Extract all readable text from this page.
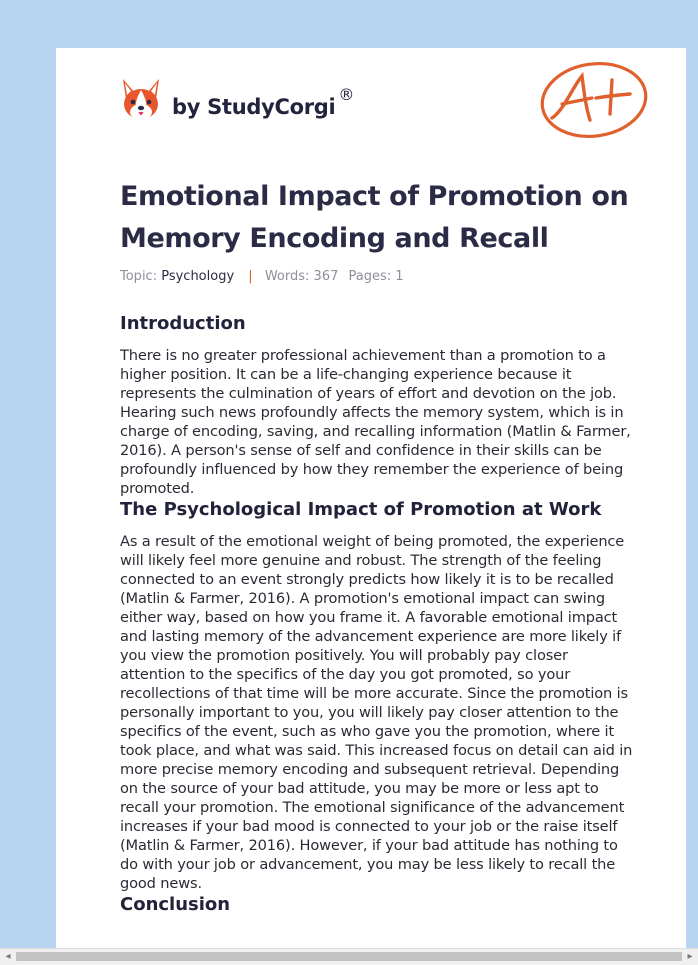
by StudyCorgi®
A+
Emotional Impact of Promotion on Memory Encoding and Recall
Topic: Psychology | Words: 367 Pages: 1
Introduction

There is no greater professional achievement than a promotion to a higher position. It can be a life-changing experience because it represents the culmination of years of effort and devotion on the job. Hearing such news profoundly affects the memory system, which is in charge of encoding, saving, and recalling information (Matlin & Farmer, 2016). A person's sense of self and confidence in their skills can be profoundly influenced by how they remember the experience of being promoted.

The Psychological Impact of Promotion at Work

As a result of the emotional weight of being promoted, the experience will likely feel more genuine and robust. The strength of the feeling connected to an event strongly predicts how likely it is to be recalled (Matlin & Farmer, 2016). A promotion's emotional impact can swing either way, based on how you frame it. A favorable emotional impact and lasting memory of the advancement experience are more likely if you view the promotion positively. You will probably pay closer attention to the specifics of the day you got promoted, so your recollections of that time will be more accurate. Since the promotion is personally important to you, you will likely pay closer attention to the specifics of the event, such as who gave you the promotion, where it took place, and what was said. This increased focus on detail can aid in more precise memory encoding and subsequent retrieval. Depending on the source of your bad attitude, you may be more or less apt to recall your promotion. The emotional significance of the advancement increases if your bad mood is connected to your job or the raise itself (Matlin & Farmer, 2016). However, if your bad attitude has nothing to do with your job or advancement, you may be less likely to recall the good news.

Conclusion
◂	▸
